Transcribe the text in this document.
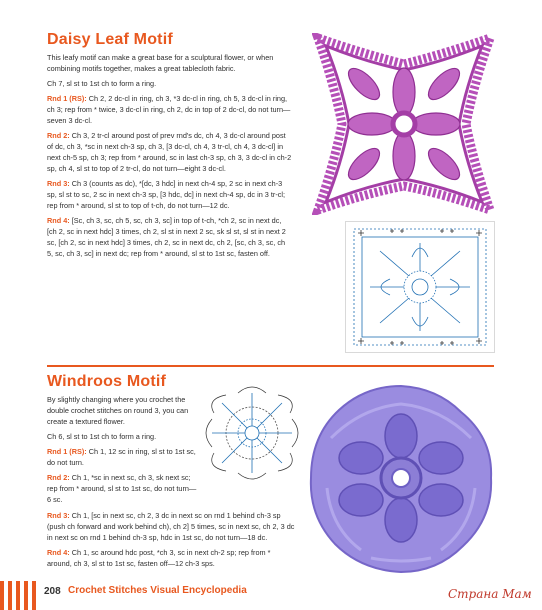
Daisy Leaf Motif

This leafy motif can make a great base for a sculptural flower, or when combining motifs together, makes a great tablecloth fabric.

Ch 7, sl st to 1st ch to form a ring.

Rnd 1 (RS): Ch 2, 2 dc-cl in ring, ch 3, *3 dc-cl in ring, ch 5, 3 dc-cl in ring, ch 3; rep from * twice, 3 dc-cl in ring, ch 2, dc in top of 2 dc-cl, do not turn—seven 3 dc-cl.

Rnd 2: Ch 3, 2 tr-cl around post of prev rnd's dc, ch 4, 3 dc-cl around post of dc, ch 3, *sc in next ch-3 sp, ch 3, [3 dc-cl, ch 4, 3 tr-cl, ch 4, 3 dc-cl] in next ch-5 sp, ch 3; rep from * around, sc in last ch-3 sp, ch 3, 3 dc-cl in ch-2 sp, ch 4, sl st to top of 2 tr-cl, do not turn—eight 3 dc-cl.

Rnd 3: Ch 3 (counts as dc), *[dc, 3 hdc] in next ch-4 sp, 2 sc in next ch-3 sp, sl st to sc, 2 sc in next ch-3 sp, [3 hdc, dc] in next ch-4 sp, dc in 3 tr-cl; rep from * around, sl st to top of t-ch, do not turn—12 dc.

Rnd 4: [Sc, ch 3, sc, ch 5, sc, ch 3, sc] in top of t-ch, *ch 2, sc in next dc, [ch 2, sc in next hdc] 3 times, ch 2, sl st in next 2 sc, sk sl st, sl st in next 2 sc, [ch 2, sc in next hdc] 3 times, ch 2, sc in next dc, ch 2, [sc, ch 3, sc, ch 5, sc, ch 3, sc] in next dc; rep from * around, sl st to 1st sc, fasten off.

Windroos Motif

By slightly changing where you crochet the double crochet stitches on round 3, you can create a textured flower.

Ch 6, sl st to 1st ch to form a ring.

Rnd 1 (RS): Ch 1, 12 sc in ring, sl st to 1st sc, do not turn.

Rnd 2: Ch 1, *sc in next sc, ch 3, sk next sc; rep from * around, sl st to 1st sc, do not turn—6 sc.

Rnd 3: Ch 1, [sc in next sc, ch 2, 3 dc in next sc on rnd 1 behind ch-3 sp (push ch forward and work behind ch), ch 2] 5 times, sc in next sc, ch 2, 3 dc in next sc on rnd 1 behind ch-3 sp, hdc in 1st sc, do not turn—18 dc.

Rnd 4: Ch 1, sc around hdc post, *ch 3, sc in next ch-2 sp; rep from * around, ch 3, sl st to 1st sc, fasten off—12 ch-3 sps.

208 Crochet Stitches Visual Encyclopedia	Страна Мам
